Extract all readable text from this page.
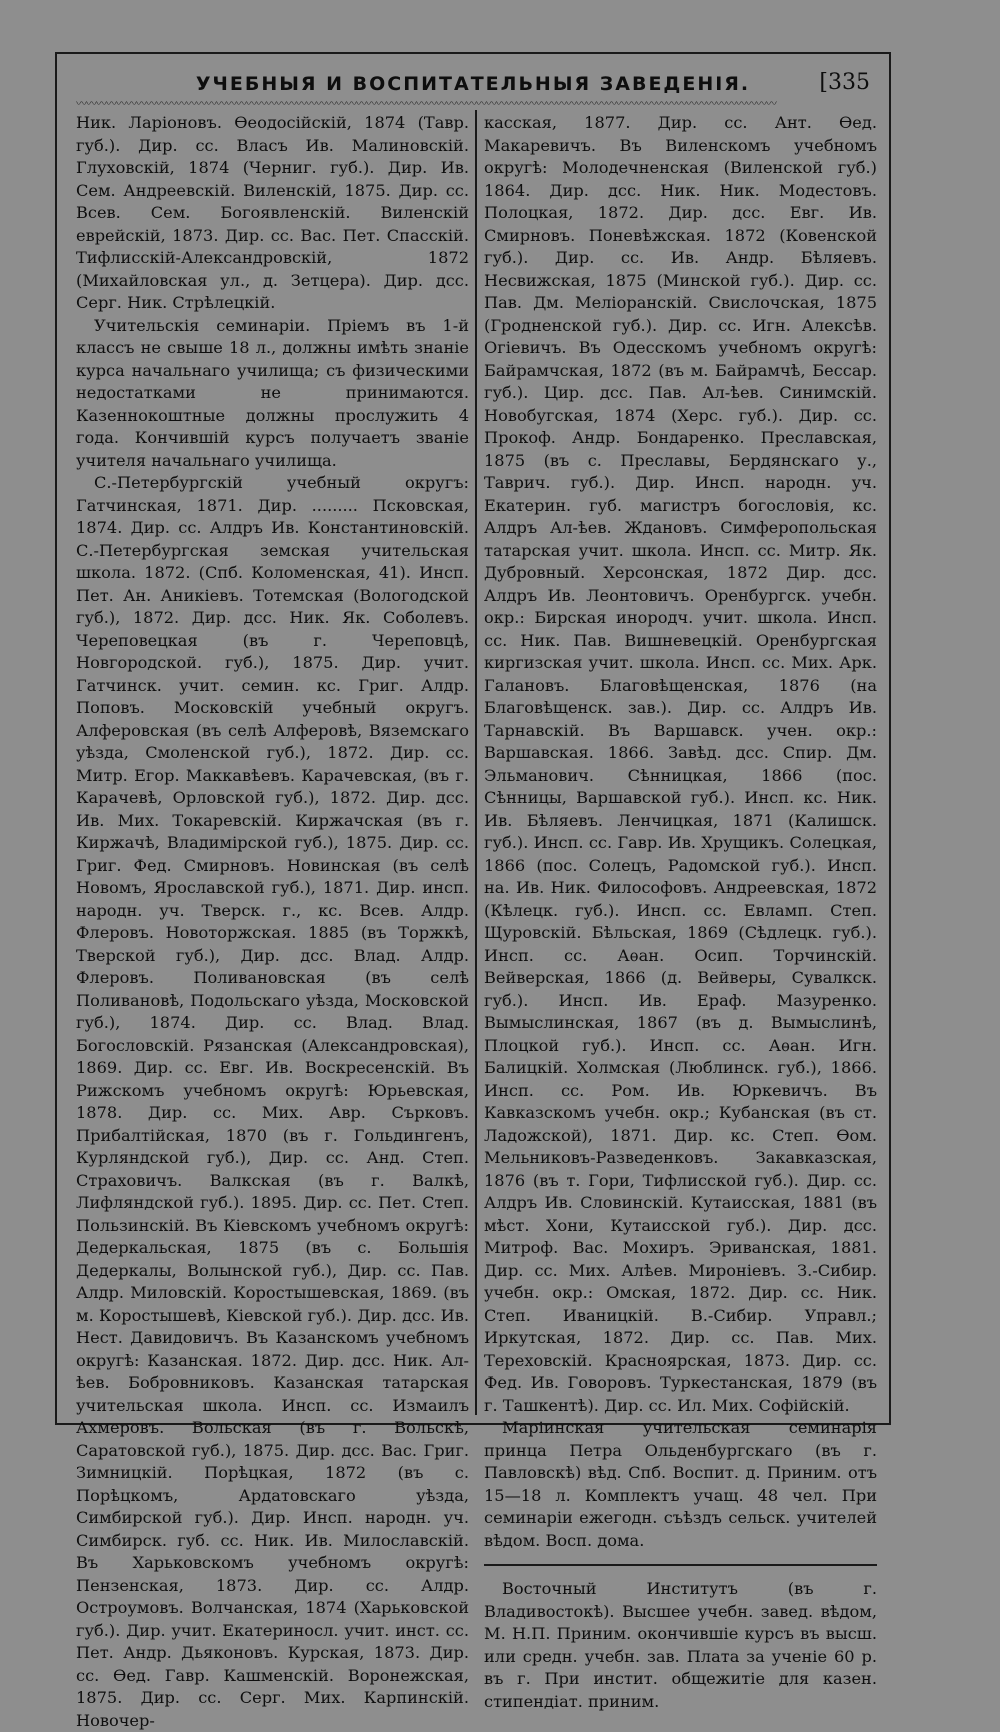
УЧЕБНЫЯ И ВОСПИТАТЕЛЬНЫЯ ЗАВЕДЕНІЯ.	[335
〰〰〰〰〰〰〰〰〰〰〰〰〰〰〰〰〰〰〰〰〰〰〰〰〰〰〰〰〰〰〰〰〰〰〰〰〰〰〰〰〰〰〰〰〰〰〰〰〰〰〰〰〰〰〰〰〰〰〰〰〰〰〰〰〰〰〰〰〰〰

Ник. Ларіоновъ. Ѳеодосійскій, 1874 (Тавр. губ.). Дир. сс. Власъ Ив. Малиновскій. Глуховскій, 1874 (Черниг. губ.). Дир. Ив. Сем. Андреевскій. Виленскій, 1875. Дир. сс. Всев. Сем. Богоявленскій. Виленскій еврейскій, 1873. Дир. сс. Вас. Пет. Спасскій. Тифлисскій-Александровскій, 1872 (Михайловская ул., д. Зетцера). Дир. дсс. Серг. Ник. Стрѣлецкій.

Учительскія семинаріи. Пріемъ въ 1-й классъ не свыше 18 л., должны имѣть знаніе курса начальнаго училища; съ физическими недостатками не принимаются. Казеннокоштные должны прослужить 4 года. Кончившій курсъ получаетъ званіе учителя начальнаго училища.

С.-Петербургскій учебный округъ: Гатчинская, 1871. Дир. ......... Псковская, 1874. Дир. сс. Алдръ Ив. Константиновскій. С.-Петербургская земская учительская школа. 1872. (Спб. Коломенская, 41). Инсп. Пет. Ан. Аникіевъ. Тотемская (Вологодской губ.), 1872. Дир. дсс. Ник. Як. Соболевъ. Череповецкая (въ г. Череповцѣ, Новгородской. губ.), 1875. Дир. учит. Гатчинск. учит. семин. кс. Григ. Алдр. Поповъ. Московскій учебный округъ. Алферовская (въ селѣ Алферовѣ, Вяземскаго уѣзда, Смоленской губ.), 1872. Дир. сс. Митр. Егор. Маккавѣевъ. Карачевская, (въ г. Карачевѣ, Орловской губ.), 1872. Дир. дсс. Ив. Мих. Токаревскій. Киржачская (въ г. Киржачѣ, Владимірской губ.), 1875. Дир. сс. Григ. Фед. Смирновъ. Новинская (въ селѣ Новомъ, Ярославской губ.), 1871. Дир. инсп. народн. уч. Тверск. г., кс. Всев. Алдр. Флеровъ. Новоторжская. 1885 (въ Торжкѣ, Тверской губ.), Дир. дсс. Влад. Алдр. Флеровъ. Поливановская (въ селѣ Поливановѣ, Подольскаго уѣзда, Московской губ.), 1874. Дир. сс. Влад. Влад. Богословскій. Рязанская (Александровская), 1869. Дир. сс. Евг. Ив. Воскресенскій. Въ Рижскомъ учебномъ округѣ: Юрьевская, 1878. Дир. сс. Мих. Авр. Сърковъ. Прибалтійская, 1870 (въ г. Гольдингенъ, Курляндской губ.), Дир. сс. Анд. Степ. Страховичъ. Валкская (въ г. Валкѣ, Лифляндской губ.). 1895. Дир. сс. Пет. Степ. Пользинскій. Въ Кіевскомъ учебномъ округѣ: Дедеркальская, 1875 (въ с. Большія Дедеркалы, Волынской губ.), Дир. сс. Пав. Алдр. Миловскій. Коростышевская, 1869. (въ м. Коростышевѣ, Кіевской губ.). Дир. дсс. Ив. Нест. Давидовичъ. Въ Казанскомъ учебномъ округѣ: Казанская. 1872. Дир. дсс. Ник. Ал-ѣев. Бобровниковъ. Казанская татарская учительская школа. Инсп. сс. Измаилъ Ахмеровъ. Вольская (въ г. Вольскѣ, Саратовской губ.), 1875. Дир. дсс. Вас. Григ. Зимницкій. Порѣцкая, 1872 (въ с. Порѣцкомъ, Ардатовскаго уѣзда, Симбирской губ.). Дир. Инсп. народн. уч. Симбирск. губ. сс. Ник. Ив. Милославскій. Въ Харьковскомъ учебномъ округѣ: Пензенская, 1873. Дир. сс. Алдр. Остроумовъ. Волчанская, 1874 (Харьковской губ.). Дир. учит. Екатериносл. учит. инст. сс. Пет. Андр. Дьяконовъ. Курская, 1873. Дир. сс. Ѳед. Гавр. Кашменскій. Воронежская, 1875. Дир. сс. Серг. Мих. Карпинскій. Новочер-

касская, 1877. Дир. сс. Ант. Ѳед. Макаревичъ. Въ Виленскомъ учебномъ округѣ: Молодечненская (Виленской губ.) 1864. Дир. дсс. Ник. Ник. Модестовъ. Полоцкая, 1872. Дир. дсс. Евг. Ив. Смирновъ. Поневѣжская. 1872 (Ковенской губ.). Дир. сс. Ив. Андр. Бѣляевъ. Несвижская, 1875 (Минской губ.). Дир. сс. Пав. Дм. Меліоранскій. Свислочская, 1875 (Гродненской губ.). Дир. сс. Игн. Алексѣв. Огіевичъ. Въ Одесскомъ учебномъ округѣ: Байрамчская, 1872 (въ м. Байрамчѣ, Бессар. губ.). Цир. дсс. Пав. Ал-ѣев. Синимскій. Новобугская, 1874 (Херс. губ.). Дир. сс. Прокоф. Андр. Бондаренко. Преславская, 1875 (въ с. Преславы, Бердянскаго у., Таврич. губ.). Дир. Инсп. народн. уч. Екатерин. губ. магистръ богословія, кс. Алдръ Ал-ѣев. Ждановъ. Симферопольская татарская учит. школа. Инсп. сс. Митр. Як. Дубровный. Херсонская, 1872 Дир. дсс. Алдръ Ив. Леонтовичъ. Оренбургск. учебн. окр.: Бирская инородч. учит. школа. Инсп. сс. Ник. Пав. Вишневецкій. Оренбургская киргизская учит. школа. Инсп. сс. Мих. Арк. Галановъ. Благовѣщенская, 1876 (на Благовѣщенск. зав.). Дир. сс. Алдръ Ив. Тарнавскій. Въ Варшавск. учен. окр.: Варшавская. 1866. Завѣд. дсс. Спир. Дм. Эльманович. Сѣнницкая, 1866 (пос. Сѣнницы, Варшавской губ.). Инсп. кс. Ник. Ив. Бѣляевъ. Ленчицкая, 1871 (Калишск. губ.). Инсп. сс. Гавр. Ив. Хрущикъ. Солецкая, 1866 (пос. Солецъ, Радомской губ.). Инсп. на. Ив. Ник. Философовъ. Андреевская, 1872 (Кѣлецк. губ.). Инсп. сс. Евламп. Степ. Щуровскій. Бѣльская, 1869 (Сѣдлецк. губ.). Инсп. сс. Аѳан. Осип. Торчинскій. Вейверская, 1866 (д. Вейверы, Сувалкск. губ.). Инсп. Ив. Ераф. Мазуренко. Вымыслинская, 1867 (въ д. Вымыслинѣ, Плоцкой губ.). Инсп. сс. Аѳан. Игн. Балицкій. Холмская (Люблинск. губ.), 1866. Инсп. сс. Ром. Ив. Юркевичъ. Въ Кавказскомъ учебн. окр.; Кубанская (въ ст. Ладожской), 1871. Дир. кс. Степ. Ѳом. Мельниковъ-Разведенковъ. Закавказская, 1876 (въ т. Гори, Тифлисской губ.). Дир. сс. Алдръ Ив. Словинскій. Кутаисская, 1881 (въ мѣст. Хони, Кутаисской губ.). Дир. дсс. Митроф. Вас. Мохиръ. Эриванская, 1881. Дир. сс. Мих. Алѣев. Мироніевъ. З.-Сибир. учебн. окр.: Омская, 1872. Дир. сс. Ник. Степ. Иваницкій. В.-Сибир. Управл.; Иркутская, 1872. Дир. сс. Пав. Мих. Тереховскій. Красноярская, 1873. Дир. сс. Фед. Ив. Говоровъ. Туркестанская, 1879 (въ г. Ташкентѣ). Дир. сс. Ил. Мих. Софійскій.

Маріинская учительская семинарія принца Петра Ольденбургскаго (въ г. Павловскѣ) вѣд. Спб. Воспит. д. Приним. отъ 15—18 л. Комплектъ учащ. 48 чел. При семинаріи ежегодн. съѣздъ сельск. учителей вѣдом. Восп. дома.

Восточный Институтъ (въ г. Владивостокѣ). Высшее учебн. завед. вѣдом, М. Н.П. Приним. окончившіе курсъ въ высш. или средн. учебн. зав. Плата за ученіе 60 р. въ г. При инстит. общежитіе для казен. стипендіат. приним.
